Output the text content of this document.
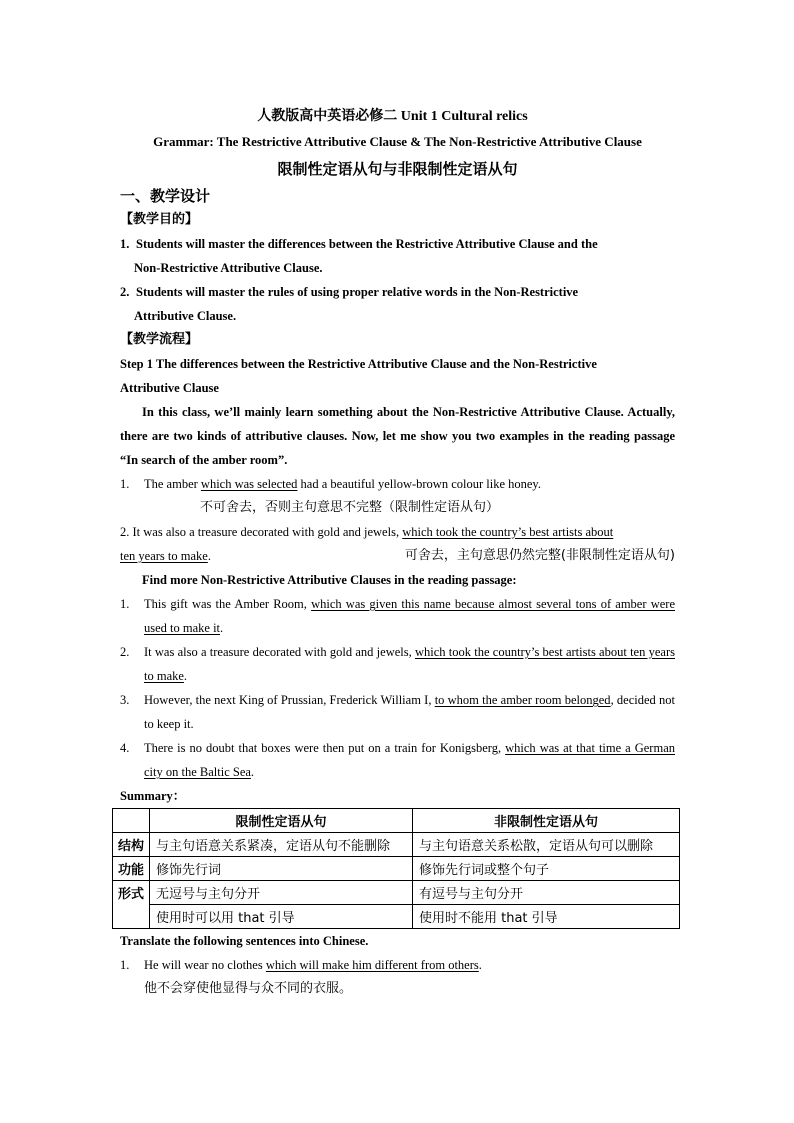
人教版高中英语必修二 Unit 1 Cultural relics
Grammar: The Restrictive Attributive Clause & The Non-Restrictive Attributive Clause
限制性定语从句与非限制性定语从句
一、教学设计
【教学目的】
1. Students will master the differences between the Restrictive Attributive Clause and the
Non-Restrictive Attributive Clause.
2. Students will master the rules of using proper relative words in the Non-Restrictive
Attributive Clause.
【教学流程】
Step 1 The differences between the Restrictive Attributive Clause and the Non-Restrictive
Attributive Clause
In this class, we’ll mainly learn something about the Non-Restrictive Attributive Clause. Actually, there are two kinds of attributive clauses. Now, let me show you two examples in the reading passage “In search of the amber room”.
1.	The amber which was selected had a beautiful yellow-brown colour like honey.
不可舍去，否则主句意思不完整（限制性定语从句）
2. It was also a treasure decorated with gold and jewels, which took the country’s best artists about
ten years to make.	可舍去，主句意思仍然完整(非限制性定语从句)
Find more Non-Restrictive Attributive Clauses in the reading passage:
1.	This gift was the Amber Room, which was given this name because almost several tons of amber were used to make it.
2.	It was also a treasure decorated with gold and jewels, which took the country’s best artists about ten years to make.
3.	However, the next King of Prussian, Frederick William I, to whom the amber room belonged, decided not to keep it.
4.	There is no doubt that boxes were then put on a train for Konigsberg, which was at that time a German city on the Baltic Sea.
Summary：
	限制性定语从句	非限制性定语从句
结构	与主句语意关系紧凑，定语从句不能删除	与主句语意关系松散，定语从句可以删除
功能	修饰先行词	修饰先行词或整个句子
形式	无逗号与主句分开	有逗号与主句分开
	使用时可以用 that 引导	使用时不能用 that 引导
Translate the following sentences into Chinese.
1.	He will wear no clothes which will make him different from others.
他不会穿使他显得与众不同的衣服。
